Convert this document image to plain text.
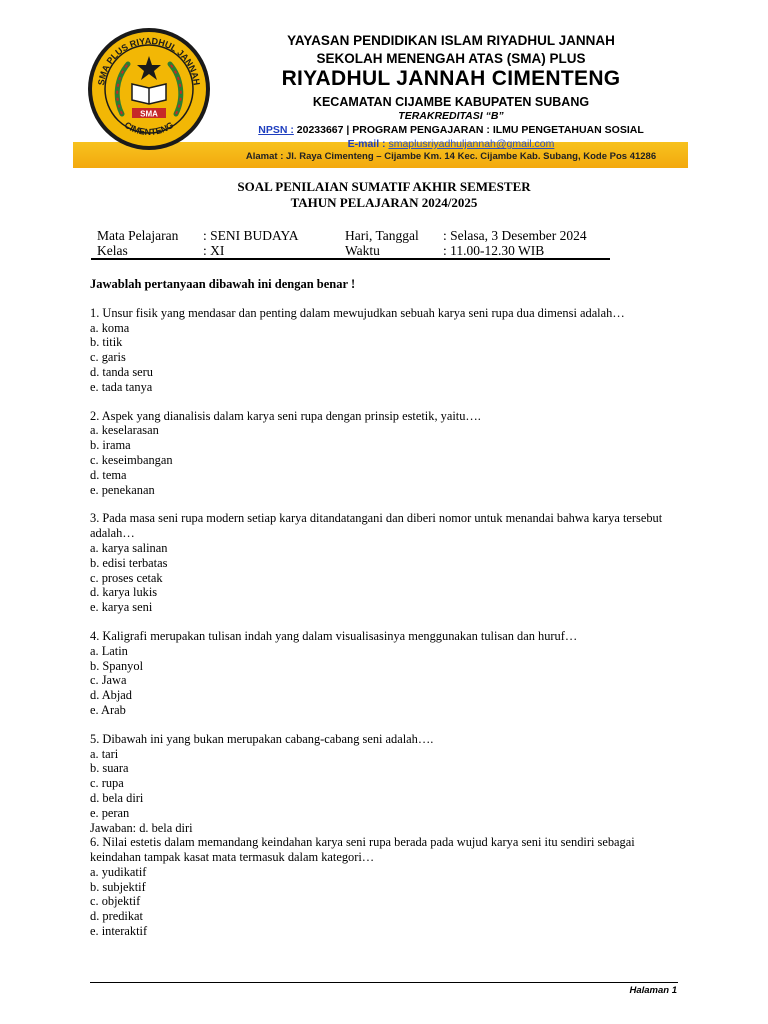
SMA PLUS RIYADHUL JANNAH
CIMENTENG
SMA
YAYASAN PENDIDIKAN ISLAM RIYADHUL JANNAH
SEKOLAH MENENGAH ATAS (SMA) PLUS
RIYADHUL JANNAH CIMENTENG
KECAMATAN CIJAMBE KABUPATEN SUBANG
TERAKREDITASI “B”
NPSN : 20233667 | PROGRAM PENGAJARAN : ILMU PENGETAHUAN SOSIAL
E-mail : smaplusriyadhuljannah@gmail.com
Alamat : Jl. Raya Cimenteng – Cijambe Km. 14 Kec. Cijambe Kab. Subang, Kode Pos 41286
SOAL PENILAIAN SUMATIF AKHIR SEMESTER
TAHUN PELAJARAN 2024/2025
Mata Pelajaran : SENI BUDAYA	Hari, Tanggal : Selasa, 3 Desember 2024
Kelas	: XI	Waktu	: 11.00-12.30 WIB
Jawablah pertanyaan dibawah ini dengan benar !
1. Unsur fisik yang mendasar dan penting dalam mewujudkan sebuah karya seni rupa dua dimensi adalah…
a. koma
b. titik
c. garis
d. tanda seru
e. tada tanya
2. Aspek yang dianalisis dalam karya seni rupa dengan prinsip estetik, yaitu….
a. keselarasan
b. irama
c. keseimbangan
d. tema
e. penekanan
3. Pada masa seni rupa modern setiap karya ditandatangani dan diberi nomor untuk menandai bahwa karya tersebut adalah…
a. karya salinan
b. edisi terbatas
c. proses cetak
d. karya lukis
e. karya seni
4. Kaligrafi merupakan tulisan indah yang dalam visualisasinya menggunakan tulisan dan huruf…
a. Latin
b. Spanyol
c. Jawa
d. Abjad
e. Arab
5. Dibawah ini yang bukan merupakan cabang-cabang seni adalah….
a. tari
b. suara
c. rupa
d. bela diri
e. peran
Jawaban: d. bela diri
6. Nilai estetis dalam memandang keindahan karya seni rupa berada pada wujud karya seni itu sendiri sebagai keindahan tampak kasat mata termasuk dalam kategori…
a. yudikatif
b. subjektif
c. objektif
d. predikat
e. interaktif
Halaman 1
